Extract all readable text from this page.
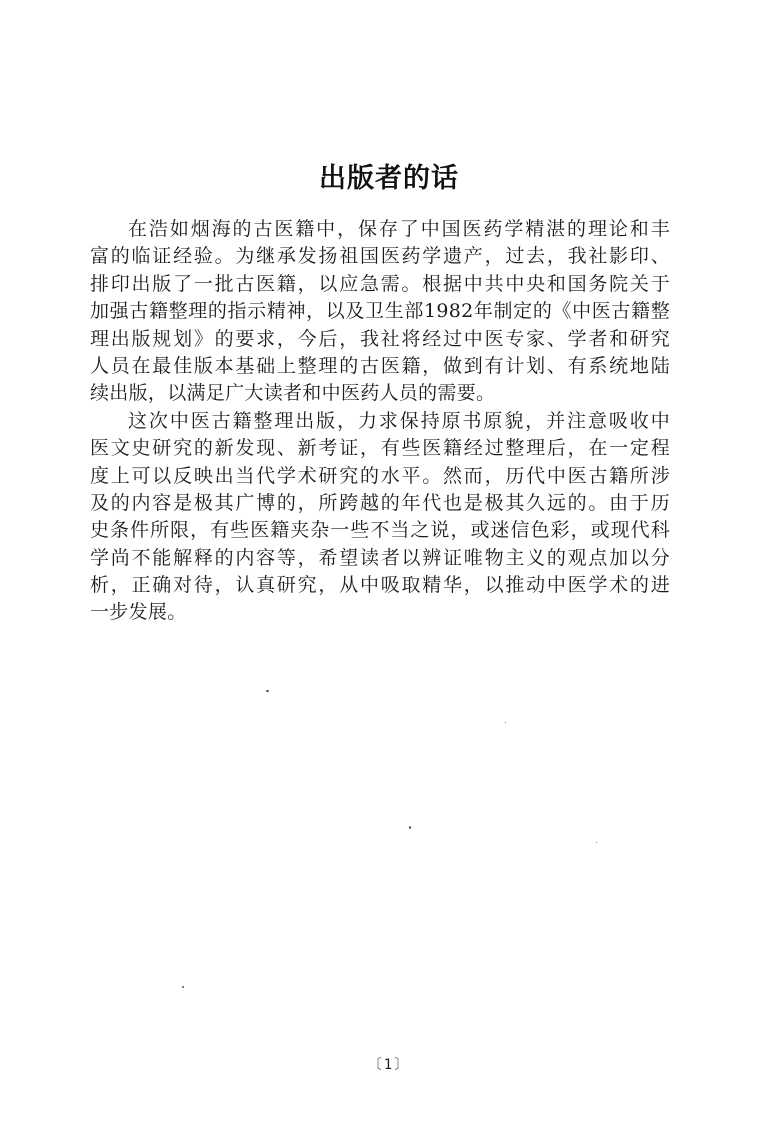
出版者的话
在浩如烟海的古医籍中，保存了中国医药学精湛的理论和丰
富的临证经验。为继承发扬祖国医药学遗产，过去，我社影印、
排印出版了一批古医籍，以应急需。根据中共中央和国务院关于
加强古籍整理的指示精神，以及卫生部1982年制定的《中医古籍整
理出版规划》的要求，今后，我社将经过中医专家、学者和研究
人员在最佳版本基础上整理的古医籍，做到有计划、有系统地陆
续出版，以满足广大读者和中医药人员的需要。
这次中医古籍整理出版，力求保持原书原貌，并注意吸收中
医文史研究的新发现、新考证，有些医籍经过整理后，在一定程
度上可以反映出当代学术研究的水平。然而，历代中医古籍所涉
及的内容是极其广博的，所跨越的年代也是极其久远的。由于历
史条件所限，有些医籍夹杂一些不当之说，或迷信色彩，或现代科
学尚不能解释的内容等，希望读者以辨证唯物主义的观点加以分
析，正确对待，认真研究，从中吸取精华，以推动中医学术的进
一步发展。
〔1〕
